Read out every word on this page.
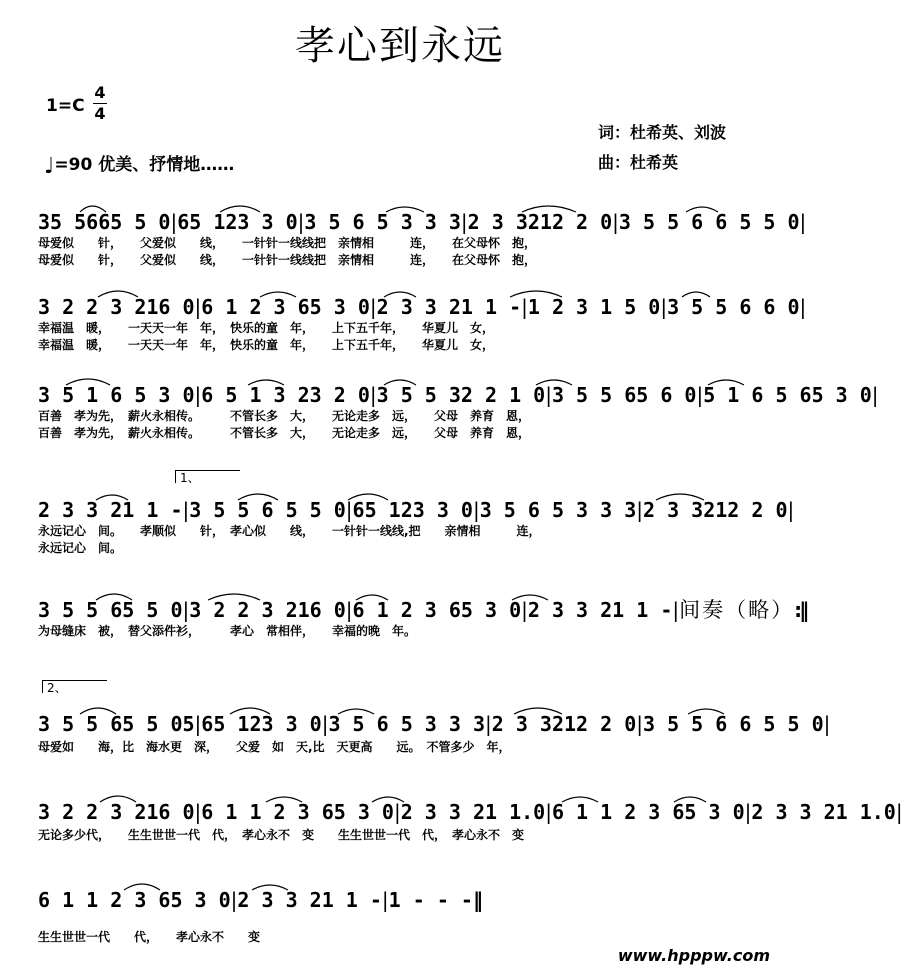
孝心到永远
1=C
4
4
词：杜希英、刘波
曲：杜希英
♩=90 优美、抒情地……
35 5665 5 0 | 65 123 3 0 | 3 5 6 5 3 3 3 | 2 3 3212 2 0 | 3 5 5 6 6 5 5 0 |
母爱似　　针，　　父爱似　　线，　　一针针一线线把　亲情相　　　连，　　在父母怀　抱，
母爱似　　针，　　父爱似　　线，　　一针针一线线把　亲情相　　　连，　　在父母怀　抱，
3 2 2 3 216 0 | 6 1 2 3 65 3 0 | 2 3 3 21 1 - | 1 2 3 1 5 0 | 3 5 5 6 6 0 |
幸福温　暖，　　一天天一年　年，　快乐的童　年，　　上下五千年，　　华夏儿　女，
幸福温　暖，　　一天天一年　年，　快乐的童　年，　　上下五千年，　　华夏儿　女，
3 5 1 6 5 3 0 | 6 5 1 3 23 2 0 | 3 5 5 32 2 1 0 | 3 5 5 65 6 0 | 5 1 6 5 65 3 0 |
百善　孝为先，　薪火永相传。　　　不管长多　大，　　无论走多　远，　　父母　养育　恩，
百善　孝为先，　薪火永相传。　　　不管长多　大，　　无论走多　远，　　父母　养育　恩，
1、
2 3 3 21 1 - | 3 5 5 6 5 5 0 | 65 123 3 0 | 3 5 6 5 3 3 3 | 2 3 3212 2 0 |
永远记心　间。　　孝顺似　　针，　孝心似　　线，　　一针针一线线,把　　亲情相　　　连，
永远记心　间。
3 5 5 65 5 0 | 3 2 2 3 216 0 | 6 1 2 3 65 3 0 | 2 3 3 21 1 - | 间奏（略） :‖
为母缝床　被，　替父添件衫，　　　孝心　常相伴，　　幸福的晚　年。
2、
3 5 5 65 5 05 | 65 123 3 0 | 3 5 6 5 3 3 3 | 2 3 3212 2 0 | 3 5 5 6 6 5 5 0 |
母爱如　　海，比　海水更　深，　　父爱　如　天,比　天更高　　远。　不管多少　年，
3 2 2 3 216 0 | 6 1 1 2 3 65 3 0 | 2 3 3 21 1.0 | 6 1 1 2 3 65 3 0 | 2 3 3 21 1.0 |
无论多少代，　　生生世世一代　代，　孝心永不　变　　生生世世一代　代，　孝心永不　变
6 1 1 2 3 65 3 0 | 2 3 3 21 1 - | 1 - - - ‖
生生世世一代　　代，　　孝心永不　　变
www.hpppw.com
